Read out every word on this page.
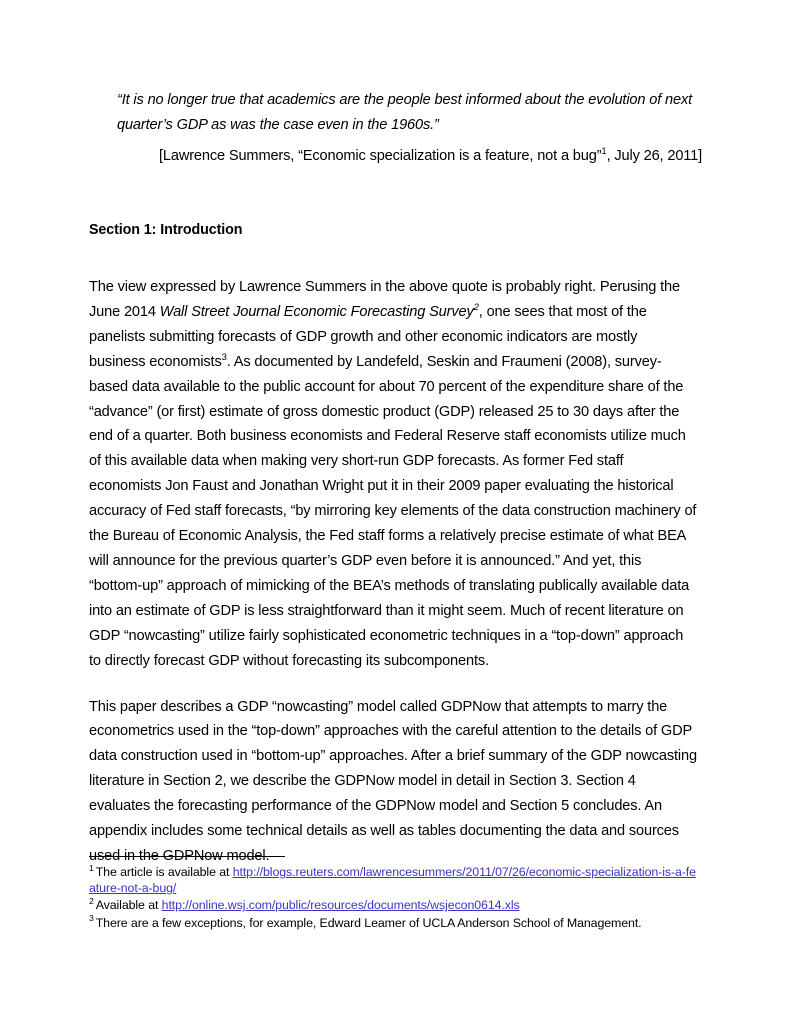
“It is no longer true that academics are the people best informed about the evolution of next quarter’s GDP as was the case even in the 1960s.”

[Lawrence Summers, “Economic specialization is a feature, not a bug”$^1$, July 26, 2011]
Section 1: Introduction

The view expressed by Lawrence Summers in the above quote is probably right. Perusing the June 2014 Wall Street Journal Economic Forecasting Survey$^2$, one sees that most of the panelists submitting forecasts of GDP growth and other economic indicators are mostly business economists$^3$. As documented by Landefeld, Seskin and Fraumeni (2008), survey-based data available to the public account for about 70 percent of the expenditure share of the “advance” (or first) estimate of gross domestic product (GDP) released 25 to 30 days after the end of a quarter. Both business economists and Federal Reserve staff economists utilize much of this available data when making very short-run GDP forecasts. As former Fed staff economists Jon Faust and Jonathan Wright put it in their 2009 paper evaluating the historical accuracy of Fed staff forecasts, “by mirroring key elements of the data construction machinery of the Bureau of Economic Analysis, the Fed staff forms a relatively precise estimate of what BEA will announce for the previous quarter’s GDP even before it is announced.” And yet, this “bottom-up” approach of mimicking of the BEA’s methods of translating publically available data into an estimate of GDP is less straightforward than it might seem. Much of recent literature on GDP “nowcasting” utilize fairly sophisticated econometric techniques in a “top-down” approach to directly forecast GDP without forecasting its subcomponents.

This paper describes a GDP “nowcasting” model called GDPNow that attempts to marry the econometrics used in the “top-down” approaches with the careful attention to the details of GDP data construction used in “bottom-up” approaches. After a brief summary of the GDP nowcasting literature in Section 2, we describe the GDPNow model in detail in Section 3. Section 4 evaluates the forecasting performance of the GDPNow model and Section 5 concludes. An appendix includes some technical details as well as tables documenting the data and sources used in the GDPNow model.

$^1$ The article is available at http://blogs.reuters.com/lawrencesummers/2011/07/26/economic-specialization-is-a-feature-not-a-bug/

$^2$ Available at http://online.wsj.com/public/resources/documents/wsjecon0614.xls

$^3$ There are a few exceptions, for example, Edward Leamer of UCLA Anderson School of Management.
